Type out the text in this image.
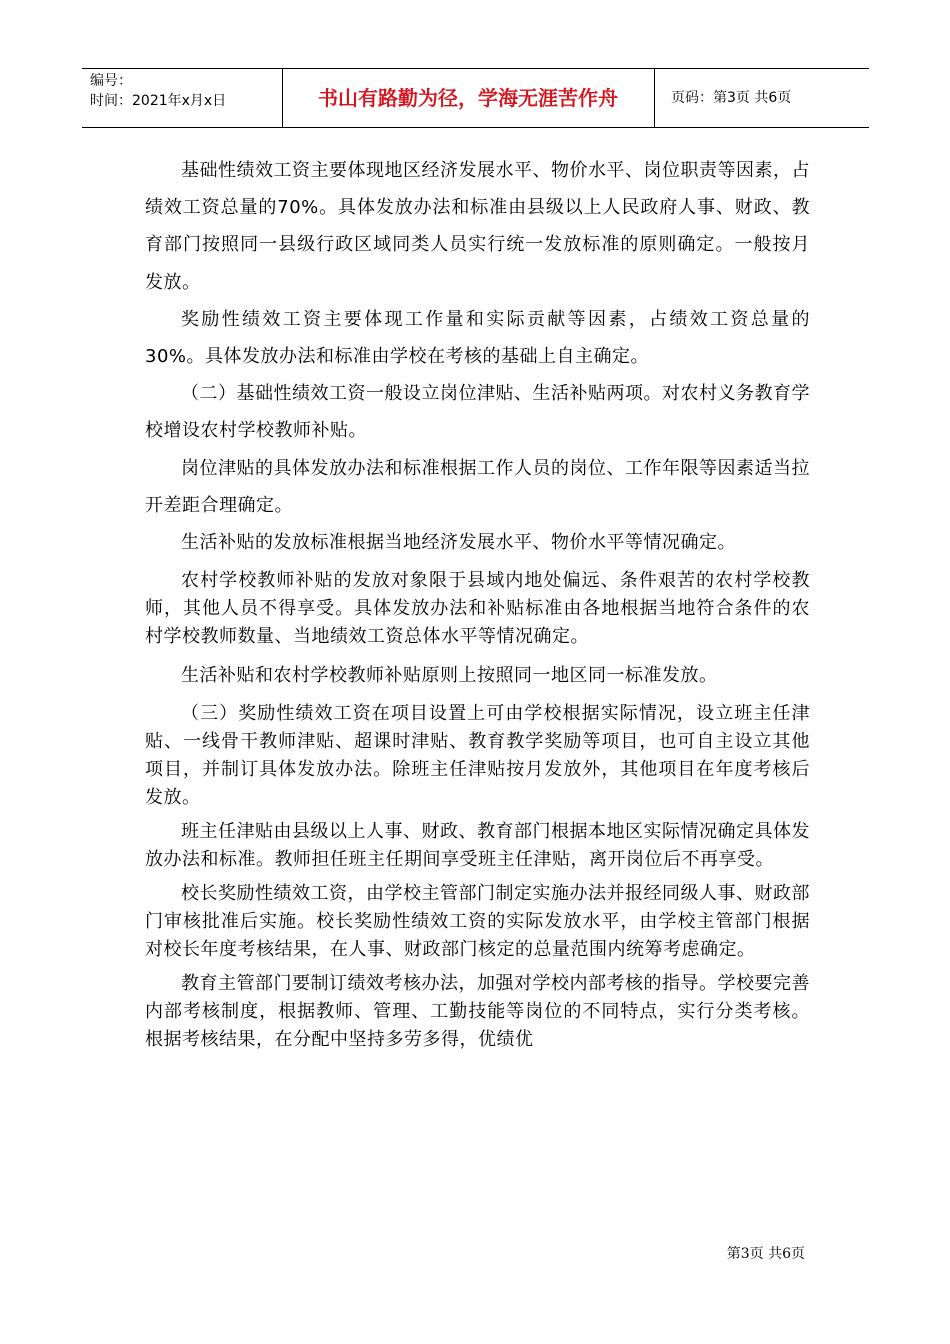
编号：
时间：2021年x月x日	书山有路勤为径，学海无涯苦作舟	页码：第3页 共6页

基础性绩效工资主要体现地区经济发展水平、物价水平、岗位职责等因素，占绩效工资总量的70%。具体发放办法和标准由县级以上人民政府人事、财政、教育部门按照同一县级行政区域同类人员实行统一发放标准的原则确定。一般按月发放。

奖励性绩效工资主要体现工作量和实际贡献等因素，占绩效工资总量的30%。具体发放办法和标准由学校在考核的基础上自主确定。

（二）基础性绩效工资一般设立岗位津贴、生活补贴两项。对农村义务教育学校增设农村学校教师补贴。

岗位津贴的具体发放办法和标准根据工作人员的岗位、工作年限等因素适当拉开差距合理确定。

生活补贴的发放标准根据当地经济发展水平、物价水平等情况确定。

农村学校教师补贴的发放对象限于县域内地处偏远、条件艰苦的农村学校教师，其他人员不得享受。具体发放办法和补贴标准由各地根据当地符合条件的农村学校教师数量、当地绩效工资总体水平等情况确定。

生活补贴和农村学校教师补贴原则上按照同一地区同一标准发放。

（三）奖励性绩效工资在项目设置上可由学校根据实际情况，设立班主任津贴、一线骨干教师津贴、超课时津贴、教育教学奖励等项目，也可自主设立其他项目，并制订具体发放办法。除班主任津贴按月发放外，其他项目在年度考核后发放。

班主任津贴由县级以上人事、财政、教育部门根据本地区实际情况确定具体发放办法和标准。教师担任班主任期间享受班主任津贴，离开岗位后不再享受。

校长奖励性绩效工资，由学校主管部门制定实施办法并报经同级人事、财政部门审核批准后实施。校长奖励性绩效工资的实际发放水平，由学校主管部门根据对校长年度考核结果，在人事、财政部门核定的总量范围内统筹考虑确定。

教育主管部门要制订绩效考核办法，加强对学校内部考核的指导。学校要完善内部考核制度，根据教师、管理、工勤技能等岗位的不同特点，实行分类考核。根据考核结果，在分配中坚持多劳多得，优绩优

第3页 共6页
